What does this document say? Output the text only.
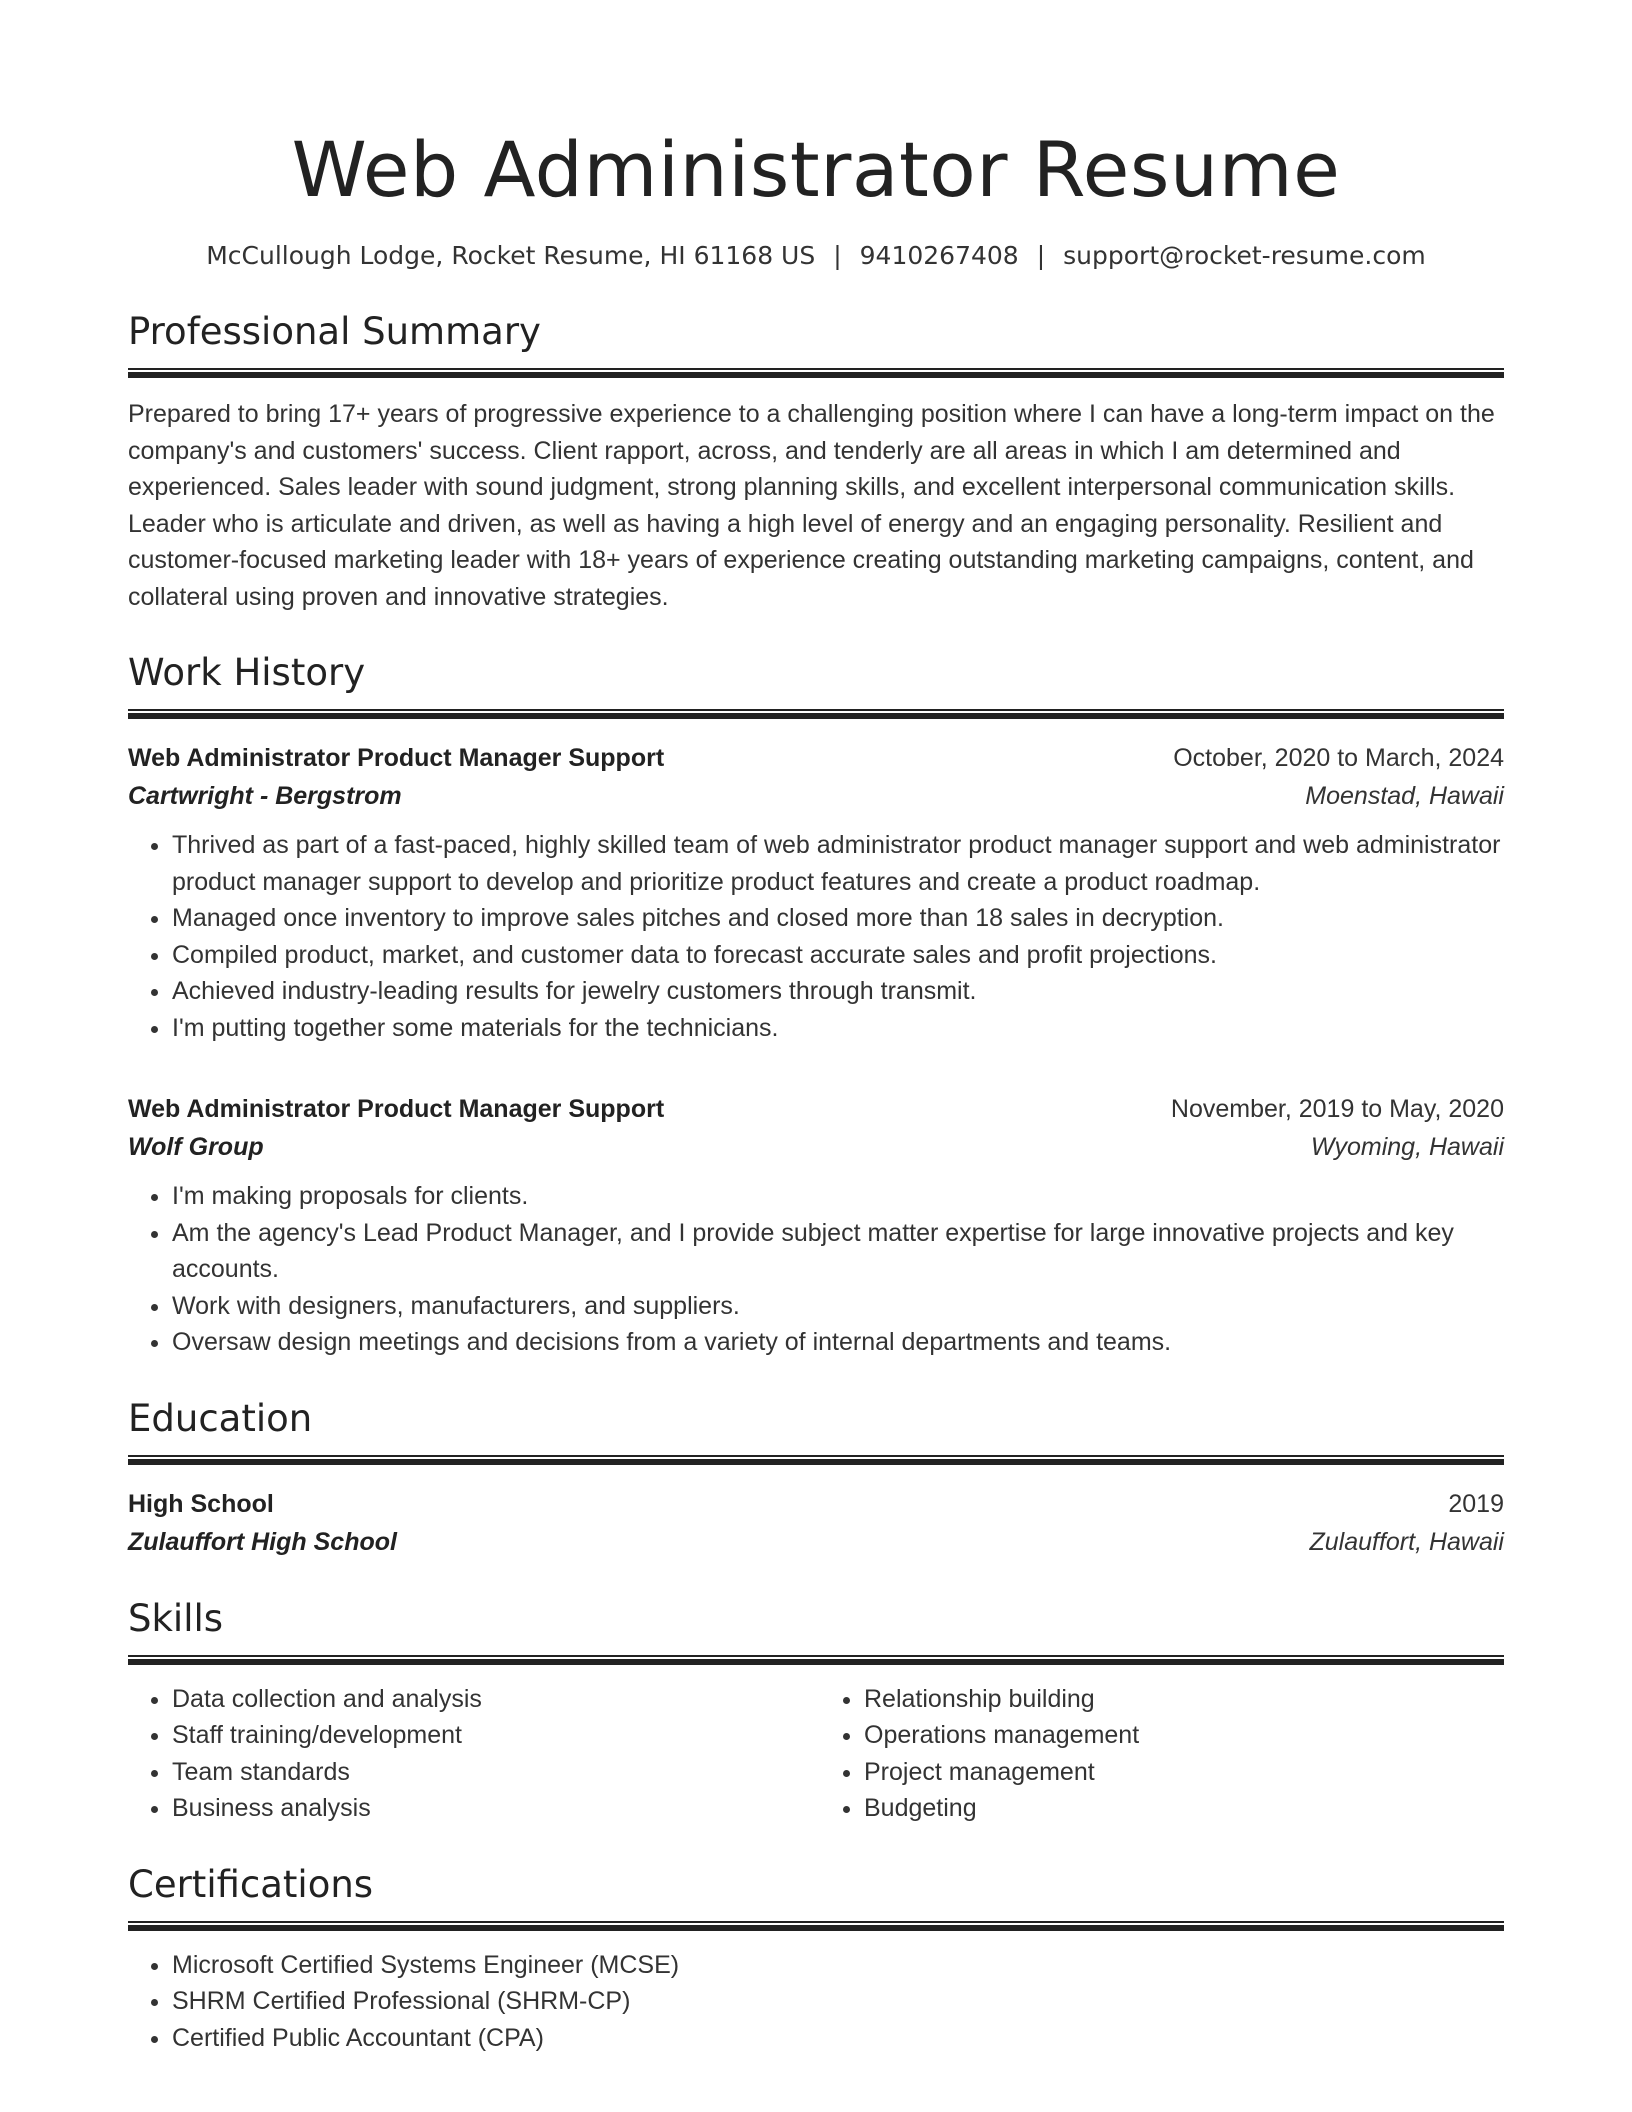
Web Administrator Resume
McCullough Lodge, Rocket Resume, HI 61168 US | 9410267408 | support@rocket-resume.com
Professional Summary
Prepared to bring 17+ years of progressive experience to a challenging position where I can have a long-term impact on the company's and customers' success. Client rapport, across, and tenderly are all areas in which I am determined and experienced. Sales leader with sound judgment, strong planning skills, and excellent interpersonal communication skills. Leader who is articulate and driven, as well as having a high level of energy and an engaging personality. Resilient and customer-focused marketing leader with 18+ years of experience creating outstanding marketing campaigns, content, and collateral using proven and innovative strategies.
Work History
Web Administrator Product Manager Support	October, 2020 to March, 2024
Cartwright - Bergstrom	Moenstad, Hawaii
• Thrived as part of a fast-paced, highly skilled team of web administrator product manager support and web administrator product manager support to develop and prioritize product features and create a product roadmap.
• Managed once inventory to improve sales pitches and closed more than 18 sales in decryption.
• Compiled product, market, and customer data to forecast accurate sales and profit projections.
• Achieved industry-leading results for jewelry customers through transmit.
• I'm putting together some materials for the technicians.
Web Administrator Product Manager Support	November, 2019 to May, 2020
Wolf Group	Wyoming, Hawaii
• I'm making proposals for clients.
• Am the agency's Lead Product Manager, and I provide subject matter expertise for large innovative projects and key accounts.
• Work with designers, manufacturers, and suppliers.
• Oversaw design meetings and decisions from a variety of internal departments and teams.
Education
High School	2019
Zulauffort High School	Zulauffort, Hawaii
Skills
• Data collection and analysis
• Staff training/development
• Team standards
• Business analysis
• Relationship building
• Operations management
• Project management
• Budgeting
Certifications
• Microsoft Certified Systems Engineer (MCSE)
• SHRM Certified Professional (SHRM-CP)
• Certified Public Accountant (CPA)
